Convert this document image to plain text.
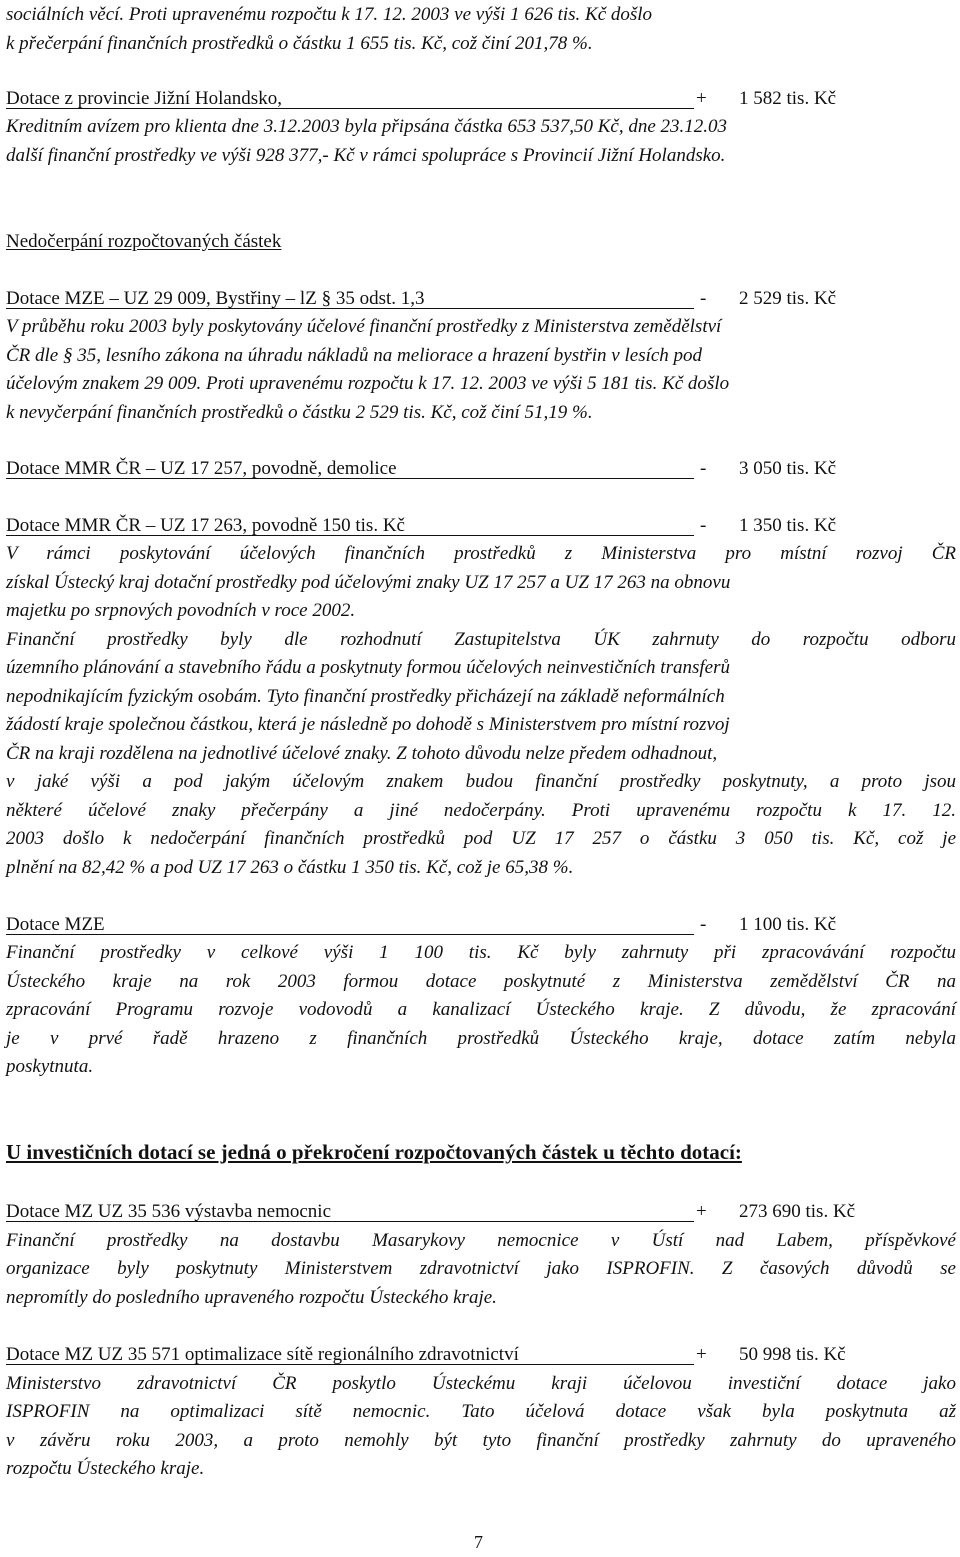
sociálních věcí. Proti upravenému rozpočtu k 17. 12. 2003 ve výši 1 626 tis. Kč došlo
k přečerpání finančních prostředků o částku 1 655 tis. Kč, což činí 201,78 %.
Dotace z provincie Jižní Holandsko,	+ 1 582 tis. Kč
Kreditním avízem pro klienta dne 3.12.2003 byla připsána částka 653 537,50 Kč, dne 23.12.03
další finanční prostředky ve výši 928 377,- Kč v rámci spolupráce s Provincií Jižní Holandsko.
Nedočerpání rozpočtovaných částek
Dotace MZE – UZ 29 009, Bystřiny – lZ § 35 odst. 1,3	- 2 529 tis. Kč
V průběhu roku 2003 byly poskytovány účelové finanční prostředky z Ministerstva zemědělství
ČR dle § 35, lesního zákona na úhradu nákladů na meliorace a hrazení bystřin v lesích pod
účelovým znakem 29 009. Proti upravenému rozpočtu k 17. 12. 2003 ve výši 5 181 tis. Kč došlo
k nevyčerpání finančních prostředků o částku 2 529 tis. Kč, což činí 51,19 %.
Dotace MMR ČR – UZ 17 257, povodně, demolice	- 3 050 tis. Kč
Dotace MMR ČR – UZ 17 263, povodně 150 tis. Kč	- 1 350 tis. Kč
V rámci poskytování účelových finančních prostředků z Ministerstva pro místní rozvoj ČR
získal Ústecký kraj dotační prostředky pod účelovými znaky UZ 17 257 a UZ 17 263 na obnovu
majetku po srpnových povodních v roce 2002.
Finanční prostředky byly dle rozhodnutí Zastupitelstva ÚK zahrnuty do rozpočtu odboru
územního plánování a stavebního řádu a poskytnuty formou účelových neinvestičních transferů
nepodnikajícím fyzickým osobám. Tyto finanční prostředky přicházejí na základě neformálních
žádostí kraje společnou částkou, která je následně po dohodě s Ministerstvem pro místní rozvoj
ČR na kraji rozdělena na jednotlivé účelové znaky. Z tohoto důvodu nelze předem odhadnout,
v jaké výši a pod jakým účelovým znakem budou finanční prostředky poskytnuty, a proto jsou
některé účelové znaky přečerpány a jiné nedočerpány. Proti upravenému rozpočtu k 17. 12.
2003 došlo k nedočerpání finančních prostředků pod UZ 17 257 o částku 3 050 tis. Kč, což je
plnění na 82,42 % a pod UZ 17 263 o částku 1 350 tis. Kč, což je 65,38 %.
Dotace MZE	- 1 100 tis. Kč
Finanční prostředky v celkové výši 1 100 tis. Kč byly zahrnuty při zpracovávání rozpočtu
Ústeckého kraje na rok 2003 formou dotace poskytnuté z Ministerstva zemědělství ČR na
zpracování Programu rozvoje vodovodů a kanalizací Ústeckého kraje. Z důvodu, že zpracování
je v prvé řadě hrazeno z finančních prostředků Ústeckého kraje, dotace zatím nebyla
poskytnuta.
U investičních dotací se jedná o překročení rozpočtovaných částek u těchto dotací:
Dotace MZ UZ 35 536 výstavba nemocnic	+ 273 690 tis. Kč
Finanční prostředky na dostavbu Masarykovy nemocnice v Ústí nad Labem, příspěvkové
organizace byly poskytnuty Ministerstvem zdravotnictví jako ISPROFIN. Z časových důvodů se
nepromítly do posledního upraveného rozpočtu Ústeckého kraje.
Dotace MZ UZ 35 571 optimalizace sítě regionálního zdravotnictví	+ 50 998 tis. Kč
Ministerstvo zdravotnictví ČR poskytlo Ústeckému kraji účelovou investiční dotace jako
ISPROFIN na optimalizaci sítě nemocnic. Tato účelová dotace však byla poskytnuta až
v závěru roku 2003, a proto nemohly být tyto finanční prostředky zahrnuty do upraveného
rozpočtu Ústeckého kraje.
7
